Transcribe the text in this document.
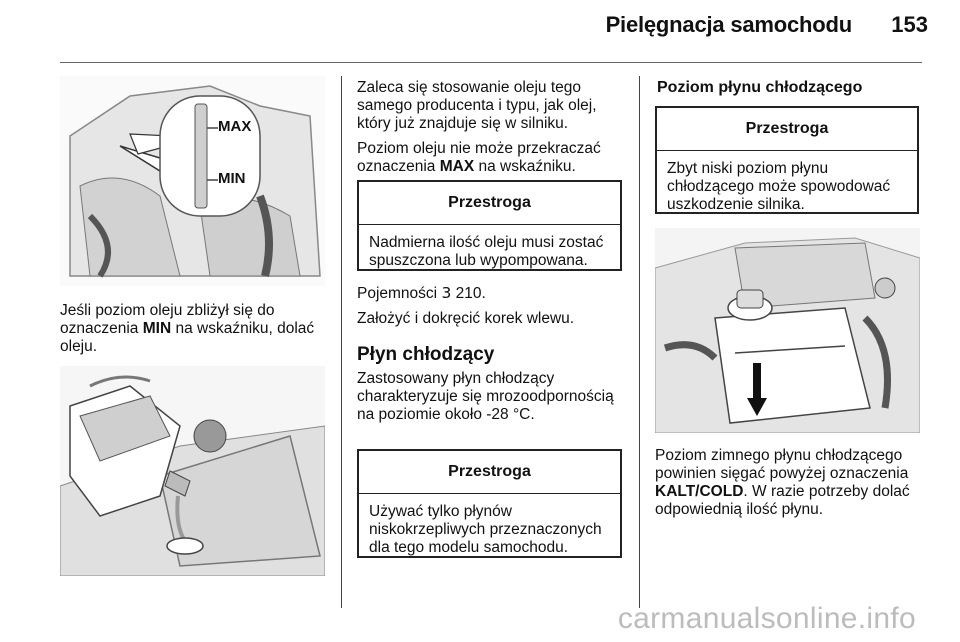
Pielęgnacja samochodu 153
MAX
MIN

Jeśli poziom oleju zbliżył się do oznaczenia MIN na wskaźniku, dolać oleju.

Zaleca się stosowanie oleju tego samego producenta i typu, jak olej, który już znajduje się w silniku.

Poziom oleju nie może przekraczać oznaczenia MAX na wskaźniku.

Przestroga
Nadmierna ilość oleju musi zostać spuszczona lub wypompowana.

Pojemności 3 210.

Założyć i dokręcić korek wlewu.

Płyn chłodzący
Zastosowany płyn chłodzący charakteryzuje się mrozoodpornością na poziomie około -28 °C.
Przestroga
Używać tylko płynów niskokrzepliwych przeznaczonych dla tego modelu samochodu.
Poziom płynu chłodzącego
Przestroga
Zbyt niski poziom płynu chłodzącego może spowodować uszkodzenie silnika.

Poziom zimnego płynu chłodzącego powinien sięgać powyżej oznaczenia KALT/COLD. W razie potrzeby dolać odpowiednią ilość płynu.

carmanualsonline.info
